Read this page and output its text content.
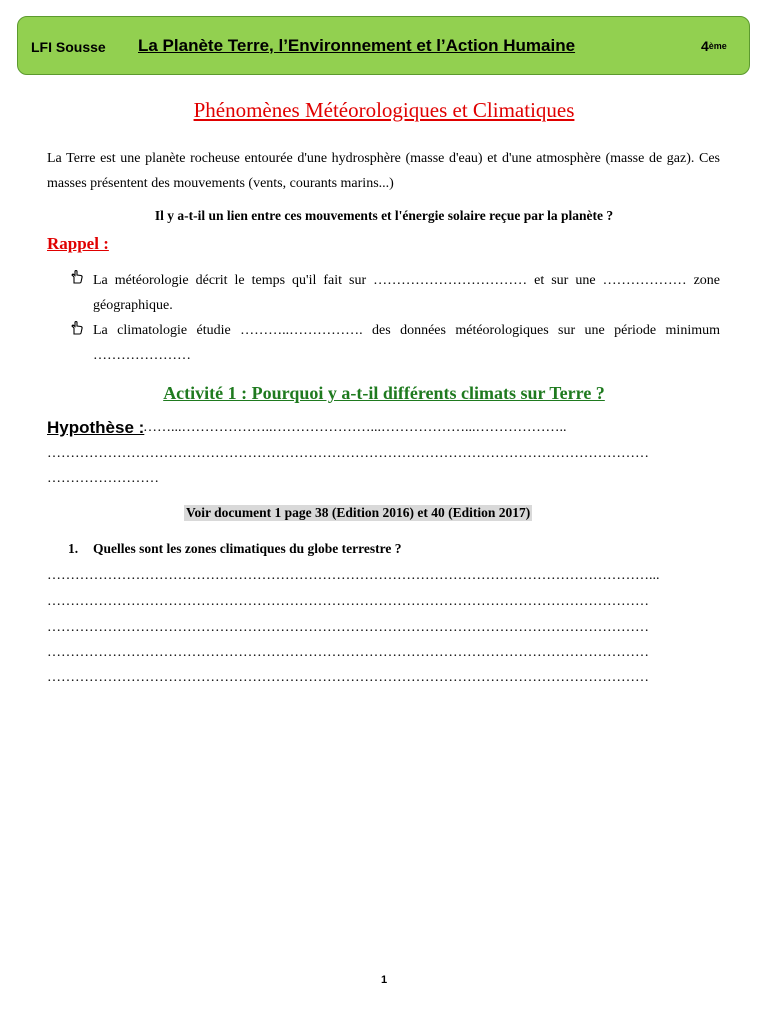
LFI Sousse La Planète Terre, l’Environnement et l’Action Humaine	4ème
Phénomènes Météorologiques et Climatiques
La Terre est une planète rocheuse entourée d'une hydrosphère (masse d'eau) et d'une atmosphère (masse de gaz). Ces masses présentent des mouvements (vents, courants marins...)
Il y a-t-il un lien entre ces mouvements et l'énergie solaire reçue par la planète ?
Rappel :
La météorologie décrit le temps qu'il fait sur …………………………… et sur une ……………… zone géographique.
La climatologie étudie ………..……………. des données météorologiques sur une période minimum …………………
Activité 1 : Pourquoi y a-t-il différents climats sur Terre ?
Hypothèse :
……...………………..…………………...………………...………………..
…………………………………………………………………………………………………………………
……………………
Voir document 1 page 38 (Edition 2016) et 40 (Edition 2017)
1. Quelles sont les zones climatiques du globe terrestre ?
…………………………………………………………………………………………………………………...
…………………………………………………………………………………………………………………
…………………………………………………………………………………………………………………
…………………………………………………………………………………………………………………
…………………………………………………………………………………………………………………
1
